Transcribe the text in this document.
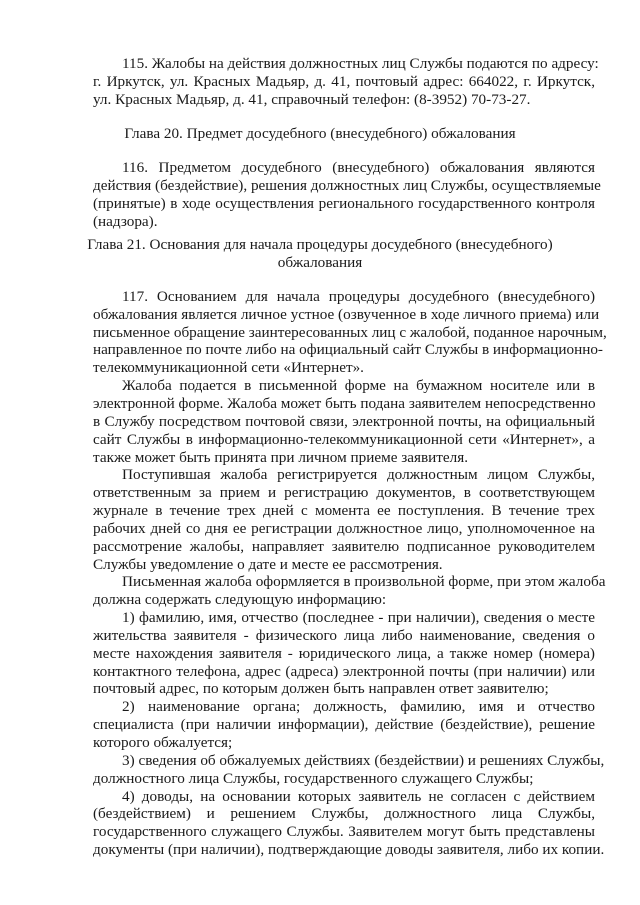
115. Жалобы на действия должностных лиц Службы подаются по адресу:
г. Иркутск, ул. Красных Мадьяр, д. 41, почтовый адрес: 664022, г. Иркутск,
ул. Красных Мадьяр, д. 41, справочный телефон: (8-3952) 70-73-27.
Глава 20. Предмет досудебного (внесудебного) обжалования
116. Предметом досудебного (внесудебного) обжалования являются
действия (бездействие), решения должностных лиц Службы, осуществляемые
(принятые) в ходе осуществления регионального государственного контроля
(надзора).
Глава 21. Основания для начала процедуры досудебного (внесудебного)
обжалования
117. Основанием для начала процедуры досудебного (внесудебного)
обжалования является личное устное (озвученное в ходе личного приема) или
письменное обращение заинтересованных лиц с жалобой, поданное нарочным,
направленное по почте либо на официальный сайт Службы в информационно-
телекоммуникационной сети «Интернет».
Жалоба подается в письменной форме на бумажном носителе или в
электронной форме. Жалоба может быть подана заявителем непосредственно
в Службу посредством почтовой связи, электронной почты, на официальный
сайт Службы в информационно-телекоммуникационной сети «Интернет», а
также может быть принята при личном приеме заявителя.
Поступившая жалоба регистрируется должностным лицом Службы,
ответственным за прием и регистрацию документов, в соответствующем
журнале в течение трех дней с момента ее поступления. В течение трех
рабочих дней со дня ее регистрации должностное лицо, уполномоченное на
рассмотрение жалобы, направляет заявителю подписанное руководителем
Службы уведомление о дате и месте ее рассмотрения.
Письменная жалоба оформляется в произвольной форме, при этом жалоба
должна содержать следующую информацию:
1) фамилию, имя, отчество (последнее - при наличии), сведения о месте
жительства заявителя - физического лица либо наименование, сведения о
месте нахождения заявителя - юридического лица, а также номер (номера)
контактного телефона, адрес (адреса) электронной почты (при наличии) или
почтовый адрес, по которым должен быть направлен ответ заявителю;
2) наименование органа; должность, фамилию, имя и отчество
специалиста (при наличии информации), действие (бездействие), решение
которого обжалуется;
3) сведения об обжалуемых действиях (бездействии) и решениях Службы,
должностного лица Службы, государственного служащего Службы;
4) доводы, на основании которых заявитель не согласен с действием
(бездействием) и решением Службы, должностного лица Службы,
государственного служащего Службы. Заявителем могут быть представлены
документы (при наличии), подтверждающие доводы заявителя, либо их копии.
